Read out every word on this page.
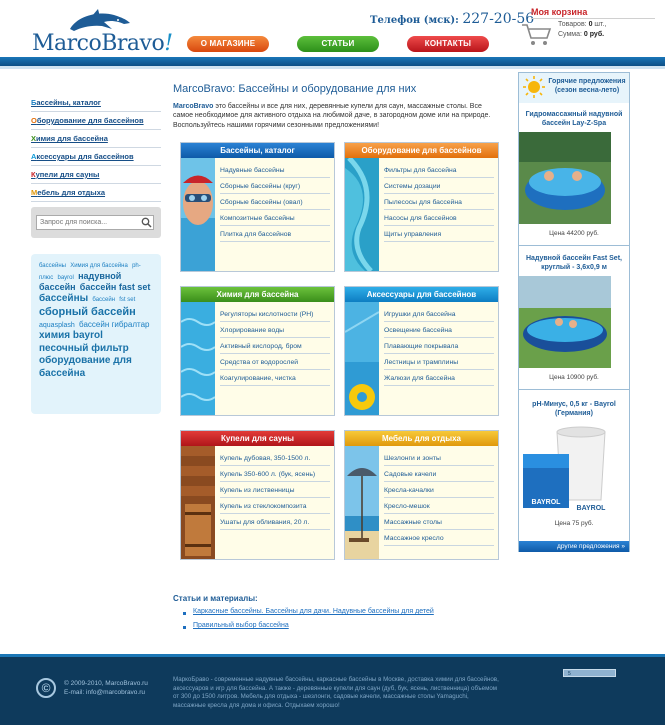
MarcoBravo!
Телефон (мск): 227-20-56
О МАГАЗИНЕ	СТАТЬИ	КОНТАКТЫ
Моя корзина
Товаров: 0 шт.,
Сумма: 0 руб.
Бассейны, каталог
Оборудование для бассейнов
Химия для бассейна
Аксессуары для бассейнов
Купели для сауны
Мебель для отдыха
Запрос для поиска...
бассейны Химия для бассейна ph-плюс bayrol надувной бассейн бассейн fast set бассейны бассейн fst set сборный бассейн aquasplash бассейн гибралтар химия bayrol песочный фильтр оборудование для бассейна
MarcoBravo: Бассейны и оборудование для них
MarcoBravo это бассейны и все для них, деревянные купели для саун, массажные столы. Все самое необходимое для активного отдыха на любимой даче, в загородном доме или на природе. Воспользуйтесь нашими горячими сезонными предложениями!
Бассейны, каталог
Надувные бассейны
Сборные бассейны (круг)
Сборные бассейны (овал)
Композитные бассейны
Плитка для бассейнов
Оборудование для бассейнов
Фильтры для бассейна
Системы дозации
Пылесосы для бассейна
Насосы для бассейнов
Щиты управления
Химия для бассейна
Регуляторы кислотности (PH)
Хлорирование воды
Активный кислород, бром
Средства от водорослей
Коагулирование, чистка
Аксессуары для бассейнов
Игрушки для бассейна
Освещение бассейна
Плавающие покрывала
Лестницы и трамплины
Жалюзи для бассейна
Купели для сауны
Купель дубовая, 350-1500 л.
Купель 350-600 л. (бук, ясень)
Купель из лиственницы
Купель из стеклокомпозита
Ушаты для обливания, 20 л.
Мебель для отдыха
Шезлонги и зонты
Садовые качели
Кресла-качалки
Кресло-мешок
Массажные столы
Массажное кресло
Статьи и материалы:
Каркасные бассейны. Бассейны для дачи. Надувные бассейны для детей
Правильный выбор бассейна
Горячие предложения (сезон весна-лето)
Гидромассажный надувной бассейн Lay-Z-Spa
Цена 44200 руб.
Надувной бассейн Fast Set, круглый - 3,6х0,9 м
Цена 10900 руб.
pH-Минус, 0,5 кг - Bayrol (Германия)
BAYROL
BAYROL
Цена 75 руб.
другие предложения »
©	© 2009-2010, MarcoBravo.ru
E-mail: info@marcobravo.ru
МаркоБраво - современные надувные бассейны, каркасные бассейны в Москве, доставка химии для бассейнов, аксессуаров и игр для бассейна. А также - деревянные купели для саун (дуб, бук, ясень, лиственница) объемом от 300 до 1500 литров. Мебель для отдыха - шезлонги, садовые качели, массажные столы Yamaguchi, массажные кресла для дома и офиса. Отдыхаем хорошо!
5
